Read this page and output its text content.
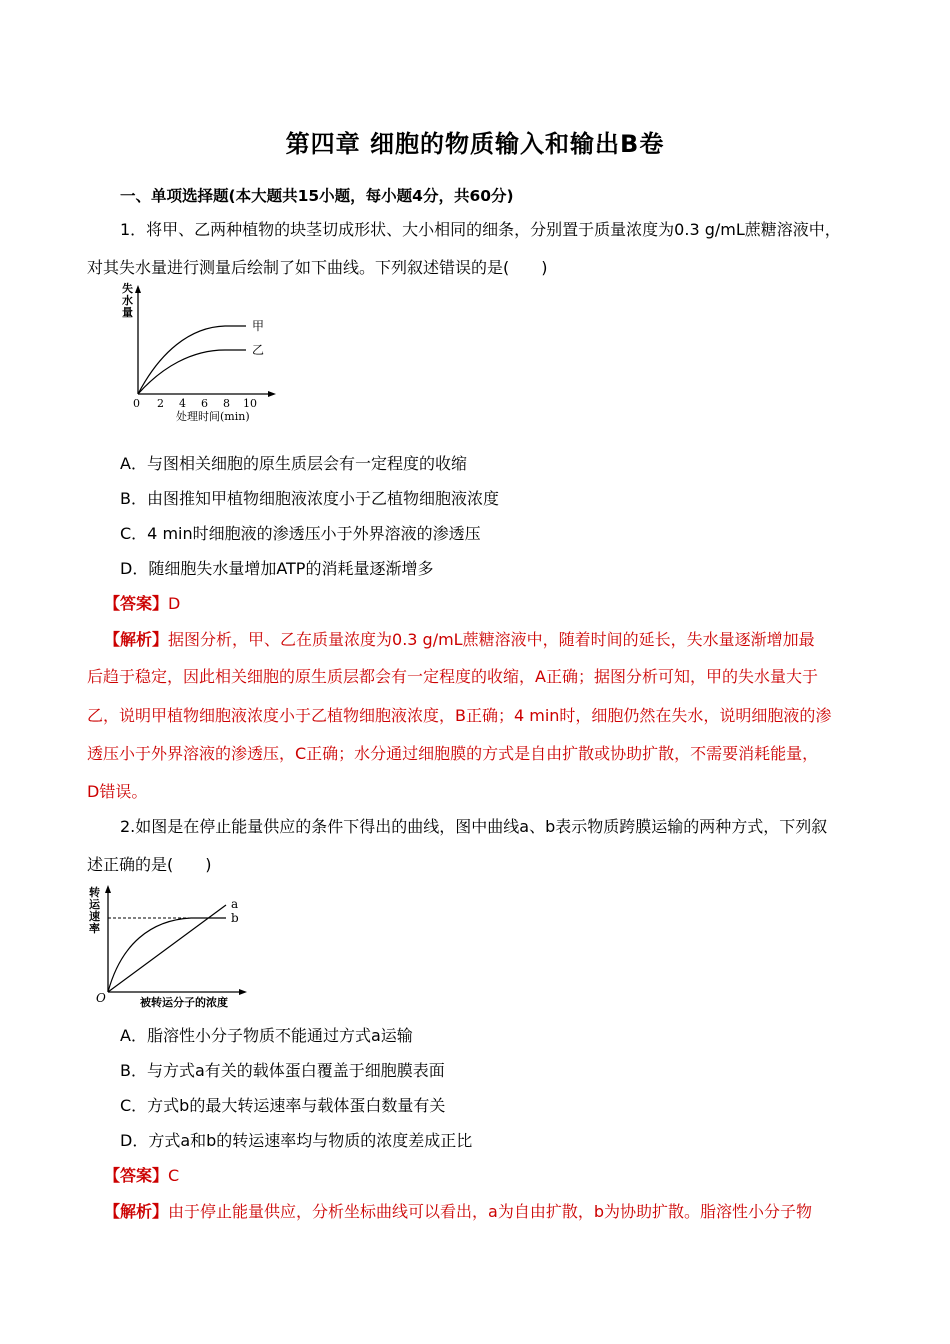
第四章 细胞的物质输入和输出B卷
一、单项选择题(本大题共15小题，每小题4分，共60分)
1．将甲、乙两种植物的块茎切成形状、大小相同的细条，分别置于质量浓度为0.3 g/mL蔗糖溶液中，
对其失水量进行测量后绘制了如下曲线。下列叙述错误的是(　　)
失 水 量
甲
乙
0 2 4 6 8 10
处理时间(min)
A．与图相关细胞的原生质层会有一定程度的收缩
B．由图推知甲植物细胞液浓度小于乙植物细胞液浓度
C．4 min时细胞液的渗透压小于外界溶液的渗透压
D．随细胞失水量增加ATP的消耗量逐渐增多
【答案】D
【解析】据图分析，甲、乙在质量浓度为0.3 g/mL蔗糖溶液中，随着时间的延长，失水量逐渐增加最
后趋于稳定，因此相关细胞的原生质层都会有一定程度的收缩，A正确；据图分析可知，甲的失水量大于
乙，说明甲植物细胞液浓度小于乙植物细胞液浓度，B正确；4 min时，细胞仍然在失水，说明细胞液的渗
透压小于外界溶液的渗透压，C正确；水分通过细胞膜的方式是自由扩散或协助扩散，不需要消耗能量，
D错误。
2.如图是在停止能量供应的条件下得出的曲线，图中曲线a、b表示物质跨膜运输的两种方式，下列叙
述正确的是(　　)
转 运 速 率
a
b
O	被转运分子的浓度
A．脂溶性小分子物质不能通过方式a运输
B．与方式a有关的载体蛋白覆盖于细胞膜表面
C．方式b的最大转运速率与载体蛋白数量有关
D．方式a和b的转运速率均与物质的浓度差成正比
【答案】C
【解析】由于停止能量供应，分析坐标曲线可以看出，a为自由扩散，b为协助扩散。脂溶性小分子物
